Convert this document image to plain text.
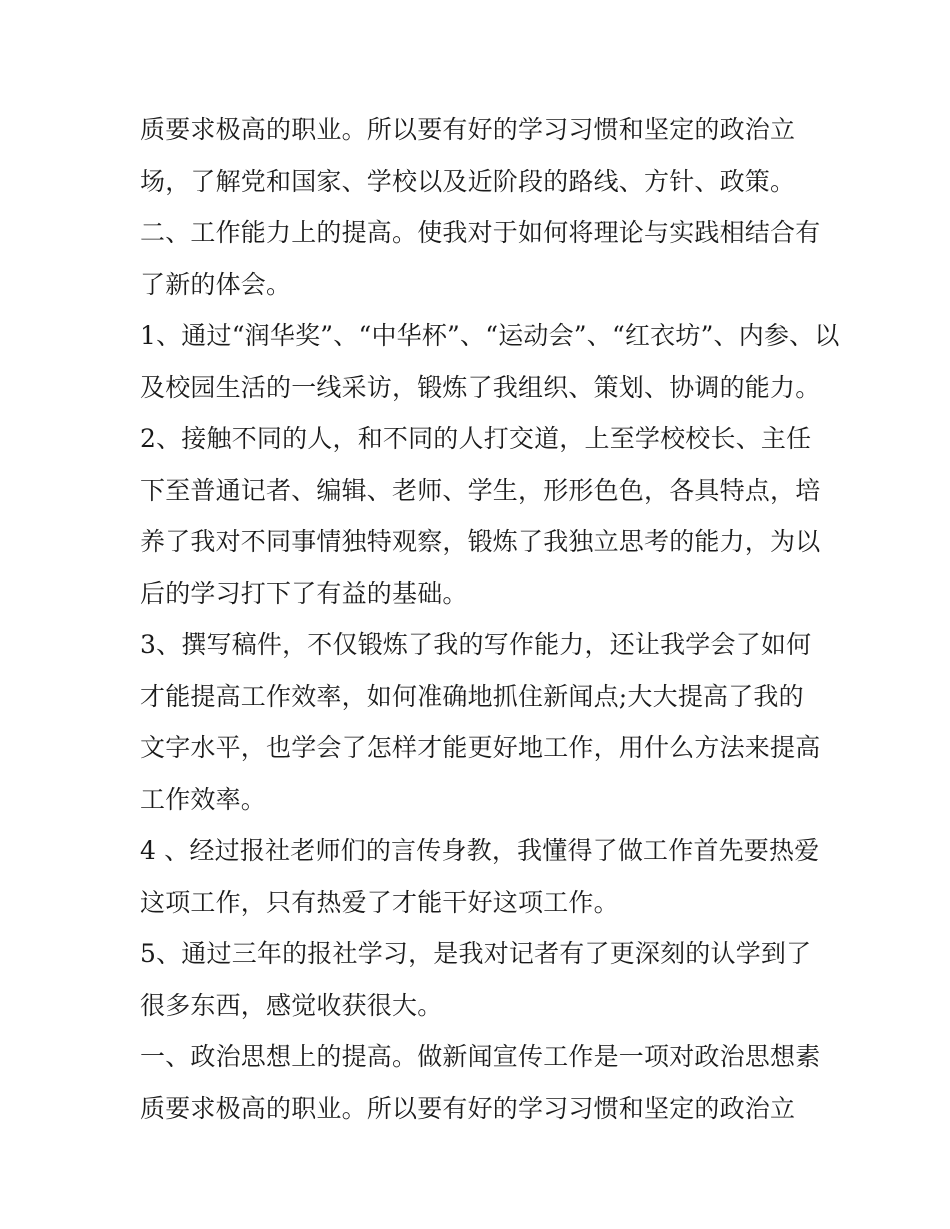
质要求极高的职业。所以要有好的学习习惯和坚定的政治立
场，了解党和国家、学校以及近阶段的路线、方针、政策。
二、工作能力上的提高。使我对于如何将理论与实践相结合有
了新的体会。
1、通过“润华奖”、“中华杯”、“运动会”、“红衣坊”、内参、以
及校园生活的一线采访，锻炼了我组织、策划、协调的能力。
2、接触不同的人，和不同的人打交道，上至学校校长、主任
下至普通记者、编辑、老师、学生，形形色色，各具特点，培
养了我对不同事情独特观察，锻炼了我独立思考的能力，为以
后的学习打下了有益的基础。
3、撰写稿件，不仅锻炼了我的写作能力，还让我学会了如何
才能提高工作效率，如何准确地抓住新闻点;大大提高了我的
文字水平，也学会了怎样才能更好地工作，用什么方法来提高
工作效率。
4 、经过报社老师们的言传身教，我懂得了做工作首先要热爱
这项工作，只有热爱了才能干好这项工作。
5、通过三年的报社学习，是我对记者有了更深刻的认学到了
很多东西，感觉收获很大。
一、政治思想上的提高。做新闻宣传工作是一项对政治思想素
质要求极高的职业。所以要有好的学习习惯和坚定的政治立
